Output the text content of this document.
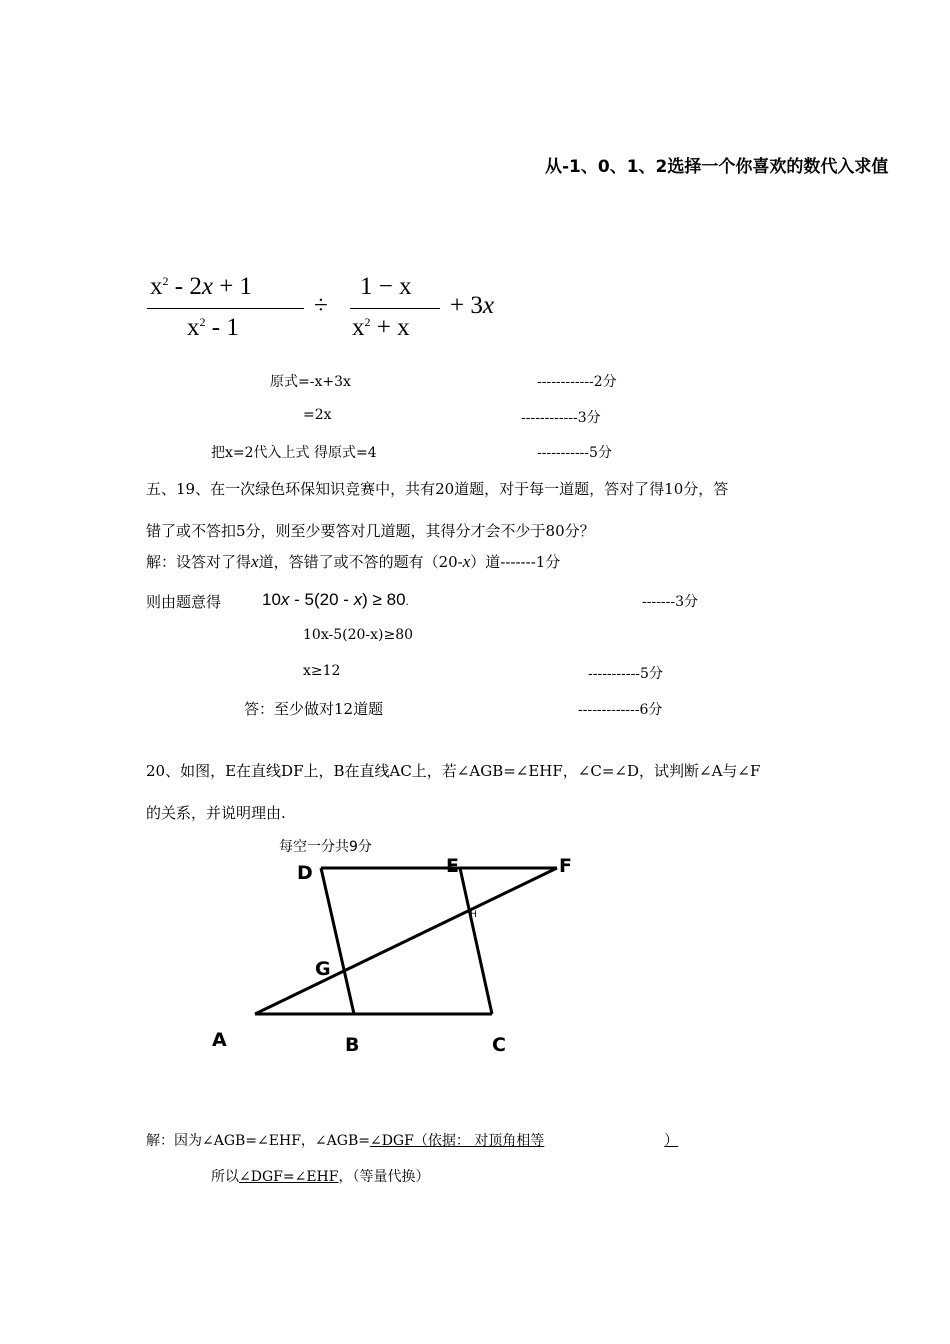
从-1、0、1、2选择一个你喜欢的数代入求值
$x^2 - 2x + 1$
$x^2 - 1$
÷
1 − x
$x^2 + x$
+ 3x
原式=-x+3x	------------2分
=2x	------------3分
把x=2代入上式 得原式=4	-----------5分
五、19、在一次绿色环保知识竞赛中，共有20道题，对于每一道题，答对了得10分，答
错了或不答扣5分，则至少要答对几道题，其得分才会不少于80分？
解：设答对了得x道，答错了或不答的题有（20-x）道-------1分
则由题意得 10x - 5(20 - x) ≥ 80.	-------3分
10x-5(20-x)≥80
x≥12	-----------5分
答：至少做对12道题	-------------6分
20、如图，E在直线DF上，B在直线AC上，若∠AGB=∠EHF，∠C=∠D，试判断∠A与∠F
的关系，并说明理由.
每空一分共9分
D	E	F
G
H
A	B	C
解：因为∠AGB=∠EHF，∠AGB=∠DGF（依据： 对顶角相等	）
所以∠DGF=∠EHF，（等量代换）
